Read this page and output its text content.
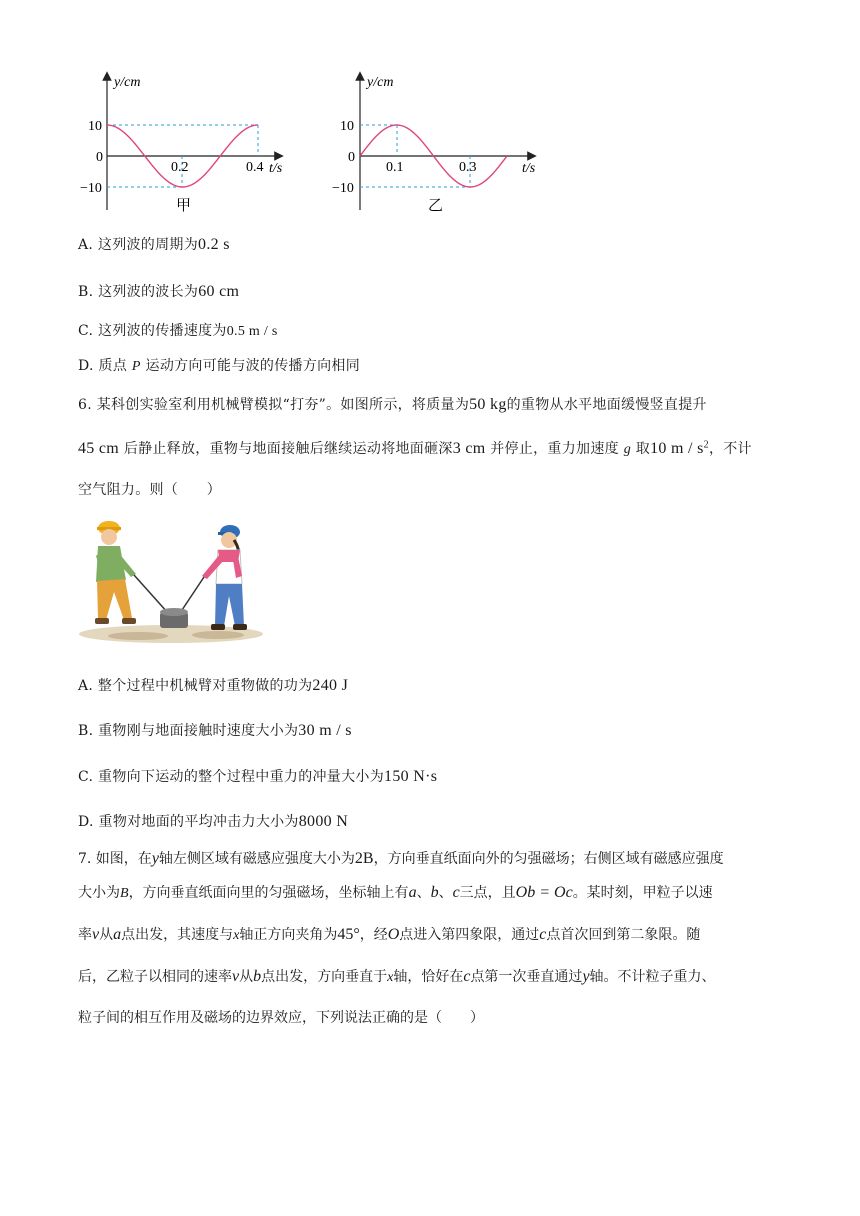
y/cm
t/s
10
0
−10
0.2	0.4
甲
y/cm
t/s
10
0
−10
0.1	0.3
乙
A. 这列波的周期为0.2 s
B. 这列波的波长为60 cm
C. 这列波的传播速度为0.5 m / s
D. 质点 P 运动方向可能与波的传播方向相同
6. 某科创实验室利用机械臂模拟“打夯”。如图所示，将质量为50 kg的重物从水平地面缓慢竖直提升
45 cm 后静止释放，重物与地面接触后继续运动将地面砸深3 cm 并停止，重力加速度 g 取10 m / $s^2$，不计
空气阻力。则（　　）
A. 整个过程中机械臂对重物做的功为240 J
B. 重物刚与地面接触时速度大小为30 m / s
C. 重物向下运动的整个过程中重力的冲量大小为150 N·s
D. 重物对地面的平均冲击力大小为8000 N

7. 如图，在y轴左侧区域有磁感应强度大小为2B，方向垂直纸面向外的匀强磁场；右侧区域有磁感应强度

大小为B，方向垂直纸面向里的匀强磁场，坐标轴上有a、b、c三点，且Ob = Oc。某时刻，甲粒子以速

率v从a点出发，其速度与x轴正方向夹角为45°，经O点进入第四象限，通过c点首次回到第二象限。随

后，乙粒子以相同的速率v从b点出发，方向垂直于x轴，恰好在c点第一次垂直通过y轴。不计粒子重力、

粒子间的相互作用及磁场的边界效应，下列说法正确的是（　　）
